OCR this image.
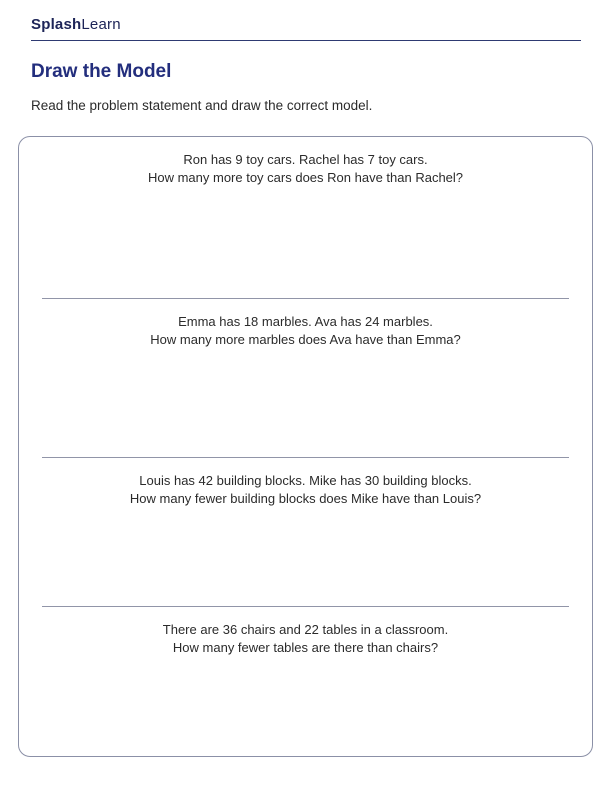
SplashLearn
Draw the Model

Read the problem statement and draw the correct model.

Ron has 9 toy cars. Rachel has 7 toy cars.

How many more toy cars does Ron have than Rachel?

Emma has 18 marbles. Ava has 24 marbles.

How many more marbles does Ava have than Emma?

Louis has 42 building blocks. Mike has 30 building blocks.

How many fewer building blocks does Mike have than Louis?

There are 36 chairs and 22 tables in a classroom.

How many fewer tables are there than chairs?
